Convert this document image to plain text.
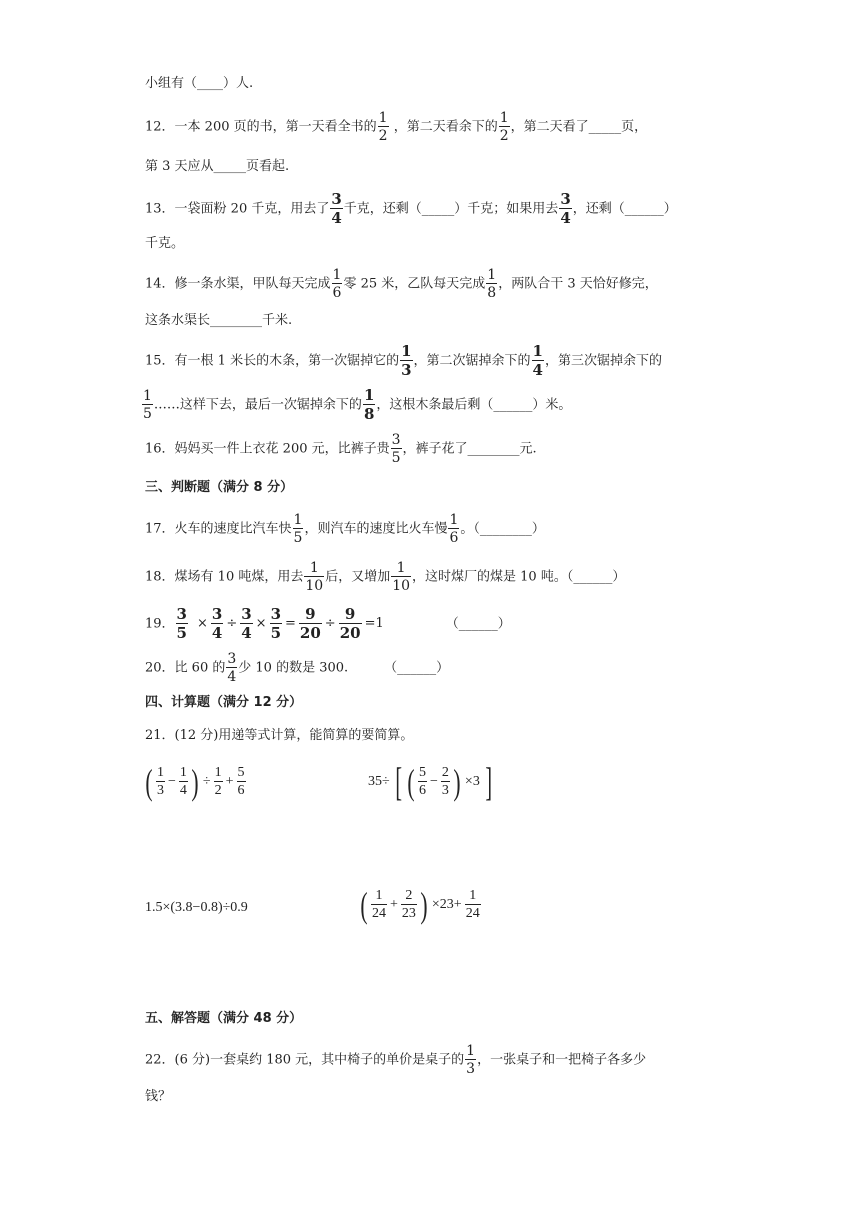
小组有（____）人.
12．一本 200 页的书，第一天看全书的 $\frac{1}{2}$ ，第二天看余下的 $\frac{1}{2}$ ，第二天看了_____页，
第 3 天应从_____页看起.
13．一袋面粉 20 千克，用去了 $\frac{3}{4}$ 千克，还剩（_____）千克；如果用去 $\frac{3}{4}$ ，还剩（______）
千克。
14．修一条水渠，甲队每天完成 $\frac{1}{6}$ 零 25 米，乙队每天完成 $\frac{1}{8}$ ，两队合干 3 天恰好修完，
这条水渠长________千米.
15．有一根 1 米长的木条，第一次锯掉它的 $\frac{1}{3}$ ，第二次锯掉余下的 $\frac{1}{4}$ ，第三次锯掉余下的
$\frac{1}{5}$ ……这样下去，最后一次锯掉余下的 $\frac{1}{8}$ ，这根木条最后剩（______）米。
16．妈妈买一件上衣花 200 元，比裤子贵 $\frac{3}{5}$ ，裤子花了________元.
三、判断题（满分 8 分）
17．火车的速度比汽车快 $\frac{1}{5}$ ，则汽车的速度比火车慢 $\frac{1}{6}$ 。（________）
18．煤场有 10 吨煤，用去 $\frac{1}{10}$ 后，又增加 $\frac{1}{10}$ ，这时煤厂的煤是 10 吨。（______）
19． $\frac{3}{5} \times \frac{3}{4} \div \frac{3}{4} \times \frac{3}{5} = \frac{9}{20} \div \frac{9}{20} =1$	（______）
20．比 60 的 $\frac{3}{4}$ 少 10 的数是 300.	（______）
四、计算题（满分 12 分）
21．(12 分)用递等式计算，能简算的要简算。
( $\frac{1}{3} - \frac{1}{4}$ ) ÷ $\frac{1}{2} + \frac{5}{6}$	35÷ [ ( $\frac{5}{6} - \frac{2}{3}$ ) ×3 ]
1.5×(3.8−0.8)÷0.9	( $\frac{1}{24} + \frac{2}{23}$ ) $\times 23+ \frac{1}{24}$
五、解答题（满分 48 分）
22．(6 分)一套桌约 180 元，其中椅子的单价是桌子的 $\frac{1}{3}$ ，一张桌子和一把椅子各多少
钱？
